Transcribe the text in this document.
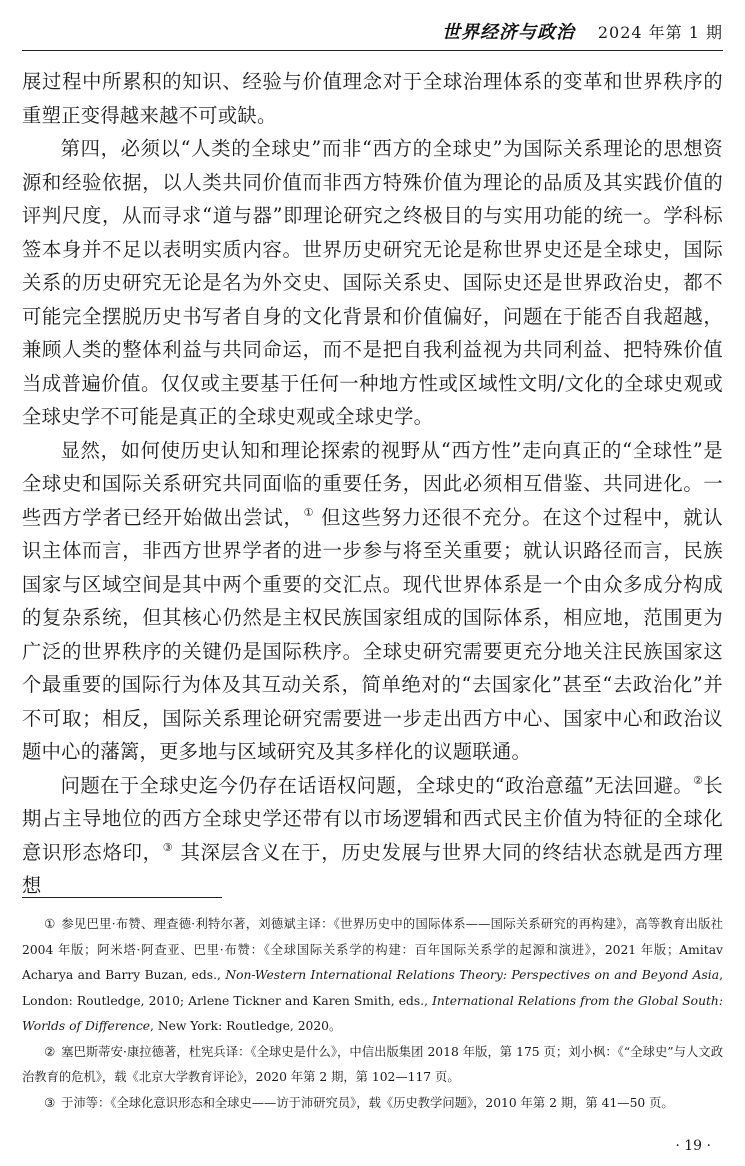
世界经济与政治 2024 年第 1 期

展过程中所累积的知识、经验与价值理念对于全球治理体系的变革和世界秩序的重塑正变得越来越不可或缺。

第四，必须以“人类的全球史”而非“西方的全球史”为国际关系理论的思想资源和经验依据，以人类共同价值而非西方特殊价值为理论的品质及其实践价值的评判尺度，从而寻求“道与器”即理论研究之终极目的与实用功能的统一。学科标签本身并不足以表明实质内容。世界历史研究无论是称世界史还是全球史，国际关系的历史研究无论是名为外交史、国际关系史、国际史还是世界政治史，都不可能完全摆脱历史书写者自身的文化背景和价值偏好，问题在于能否自我超越，兼顾人类的整体利益与共同命运，而不是把自我利益视为共同利益、把特殊价值当成普遍价值。仅仅或主要基于任何一种地方性或区域性文明/文化的全球史观或全球史学不可能是真正的全球史观或全球史学。

显然，如何使历史认知和理论探索的视野从“西方性”走向真正的“全球性”是全球史和国际关系研究共同面临的重要任务，因此必须相互借鉴、共同进化。一些西方学者已经开始做出尝试，① 但这些努力还很不充分。在这个过程中，就认识主体而言，非西方世界学者的进一步参与将至关重要；就认识路径而言，民族国家与区域空间是其中两个重要的交汇点。现代世界体系是一个由众多成分构成的复杂系统，但其核心仍然是主权民族国家组成的国际体系，相应地，范围更为广泛的世界秩序的关键仍是国际秩序。全球史研究需要更充分地关注民族国家这个最重要的国际行为体及其互动关系，简单绝对的“去国家化”甚至“去政治化”并不可取；相反，国际关系理论研究需要进一步走出西方中心、国家中心和政治议题中心的藩篱，更多地与区域研究及其多样化的议题联通。

问题在于全球史迄今仍存在话语权问题，全球史的“政治意蕴”无法回避。②长期占主导地位的西方全球史学还带有以市场逻辑和西式民主价值为特征的全球化意识形态烙印，③ 其深层含义在于，历史发展与世界大同的终结状态就是西方理想

① 参见巴里·布赞、理查德·利特尔著，刘德斌主译：《世界历史中的国际体系——国际关系研究的再构建》，高等教育出版社 2004 年版；阿米塔·阿查亚、巴里·布赞：《全球国际关系学的构建：百年国际关系学的起源和演进》，2021 年版；Amitav Acharya and Barry Buzan, eds., Non-Western International Relations Theory: Perspectives on and Beyond Asia, London: Routledge, 2010; Arlene Tickner and Karen Smith, eds., International Relations from the Global South: Worlds of Difference, New York: Routledge, 2020。

② 塞巴斯蒂安·康拉德著，杜宪兵译：《全球史是什么》，中信出版集团 2018 年版，第 175 页；刘小枫：《“全球史”与人文政治教育的危机》，载《北京大学教育评论》，2020 年第 2 期，第 102—117 页。

③ 于沛等：《全球化意识形态和全球史——访于沛研究员》，载《历史教学问题》，2010 年第 2 期，第 41—50 页。

· 19 ·
